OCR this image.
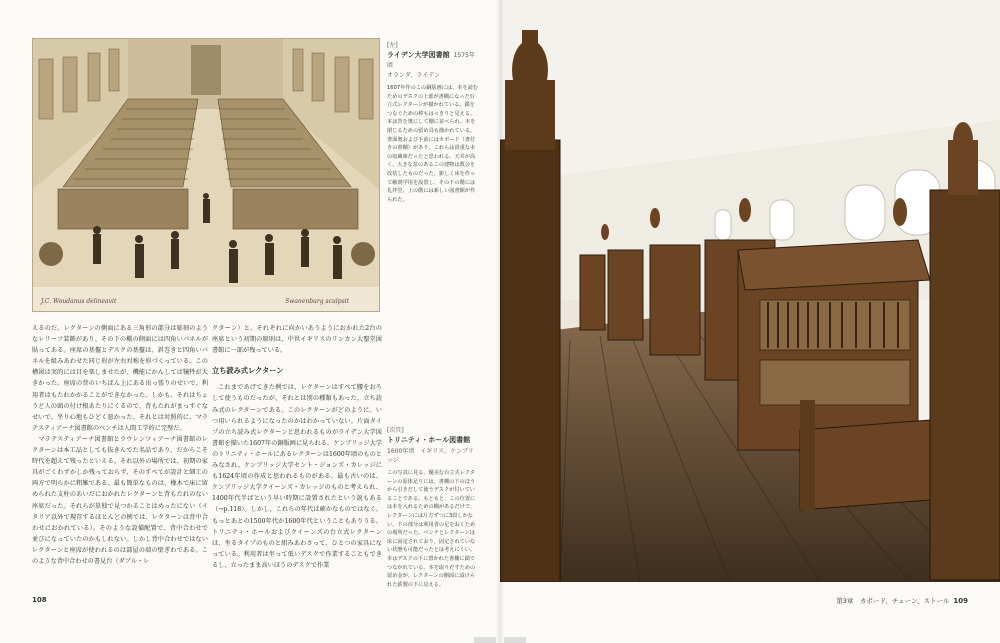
J.C. Woudanus delineavit	Swanenburg sculpsit
[左]
ライデン大学図書館 1575年頃
オランダ、ライデン
1607年作のこの銅版画には、本を読むためのデスクの上部が書棚になった台立式レクターンが描かれている。鎖をつなぐための棒もはっきりと見える。本は背を奥にして棚に並べられ、本を閉じるための留め具も描かれている。書面奥および手前にはカボード（書付きの書棚）があり、これらは貴重な本の収蔵庫だったと思われる。天井が高く、大きな窓のあるこの建物は教会を改装したものだった。新しく床を作って解剖学用を設置し、その下の階には礼拝堂、上の階には新しい図書館が作られた。

えるのだ。レクターンの側面にある三角形の部分は彫刻のようなレリーフ装飾があり、その下の棚の側面には四角いパネルが貼ってある。座席の基盤とデスクの基盤は、斜巻きと四角いパネルを組みあわせた同じ形が左右対称を形づくっている。この構図は実的には目を楽しませたが、機能にかんしては犠牲が大きかった。座席の背のいちばん上にある出っ張りのせいで、利用者はもたれかかることができなかった。しかも、それはちょうど人の頭の付け根あたりにくるので、背もたれがまっすぐなせいで、坐り心地もひどく悪かった。それとは対照的に、マラテスティアーナ図書館のベンチは人間工学的に完璧だ。

マラテスティアーナ図書館とラウレンツィアーナ図書館のレクターンは本工品としても抜きんでた名品であり、だからこそ時代を超えて残ったといえる。それ以外の場所では、初期の家具がごくわずかしか残っておらず、そのすべてが設計と細工の両方で明らかに粗雑である。最も簡単なものは、橡木で床に留められた支柱のあいだにおかれたレクターンと背もたれのない座席だった。それらが単独で見つかることはめったにない（イタリア以外で現存するほとんどの例では、レクターンは背中合わせにおかれている）。そのような設備配置で、背中合わせで並びになっていたのかもしれない。しかし背中合わせではないレクターンと座席が使われるのは部屋の端の壁ぎわである。このような背中合わせの書見台（ダブル・レ

クターン）と、それぞれに向かいあうようにおかれた2台の座席という初期の原則は、中世イギリスのリンカン大聖堂図書館に一部が残っている。

立ち読み式レクターン

これまであげてきた例では、レクターンはすべて腰をおろして使うものだったが、それとは別の種類もあった。立ち読み式のレクターンである。このレクターンがどのように、いつ用いられるようになったのかはわかっていない。片面タイプの立ち読み式レクターンと思われるものがライデン大学図書館を描いた1607年の銅版画に見られる。ケンブリッジ大学のトリニティ・ホールにあるレクターンは1600年頃のものとみなされ、ケンブリッジ大学セント・ジョンズ・カレッジにも1624年頃の作成と思われるものがある。最も古いのは、ケンブリッジ大学クイーンズ・カレッジのものと考えられ、1400年代半ばという早い時期に設置されたという説もある（→p.118）。しかし、これらの年代は確かなものではなく、もっとあとの1500年代か1600年代ということもありうる。トリニティ・ホールおよびクイーンズの台立式レクターンは、坐るタイプのものと組みあわさって、ひとつの家具になっている。利用者は坐って低いデスクで作業することもできるし、立ったまま高いほうのデスクで作業

[次頁]
トリニティ・ホール図書館
1600年頃　 イギリス、ケンブリッジ
この写真に見る、優美な台立式レクターンの原体足りには、書棚の下のほうから引きだして使うデスクが付いていることである。もともと、この位置には本を入れるための棚があるだけで、レクターンには片方ずつに3段しかない。下の部分は利用者の足をおくための場所だった。ベンチとレクターンは床に固定されており、固定されていない状態も可能だったとは考えにくい。本はデスクの下に置かれた書棚に鎖でつながれている。本を取りだすための留め金が、レクターンの側面に設けられた鉄製の下に見える。
108	第3章　カボード、チェーン、ストール 109
